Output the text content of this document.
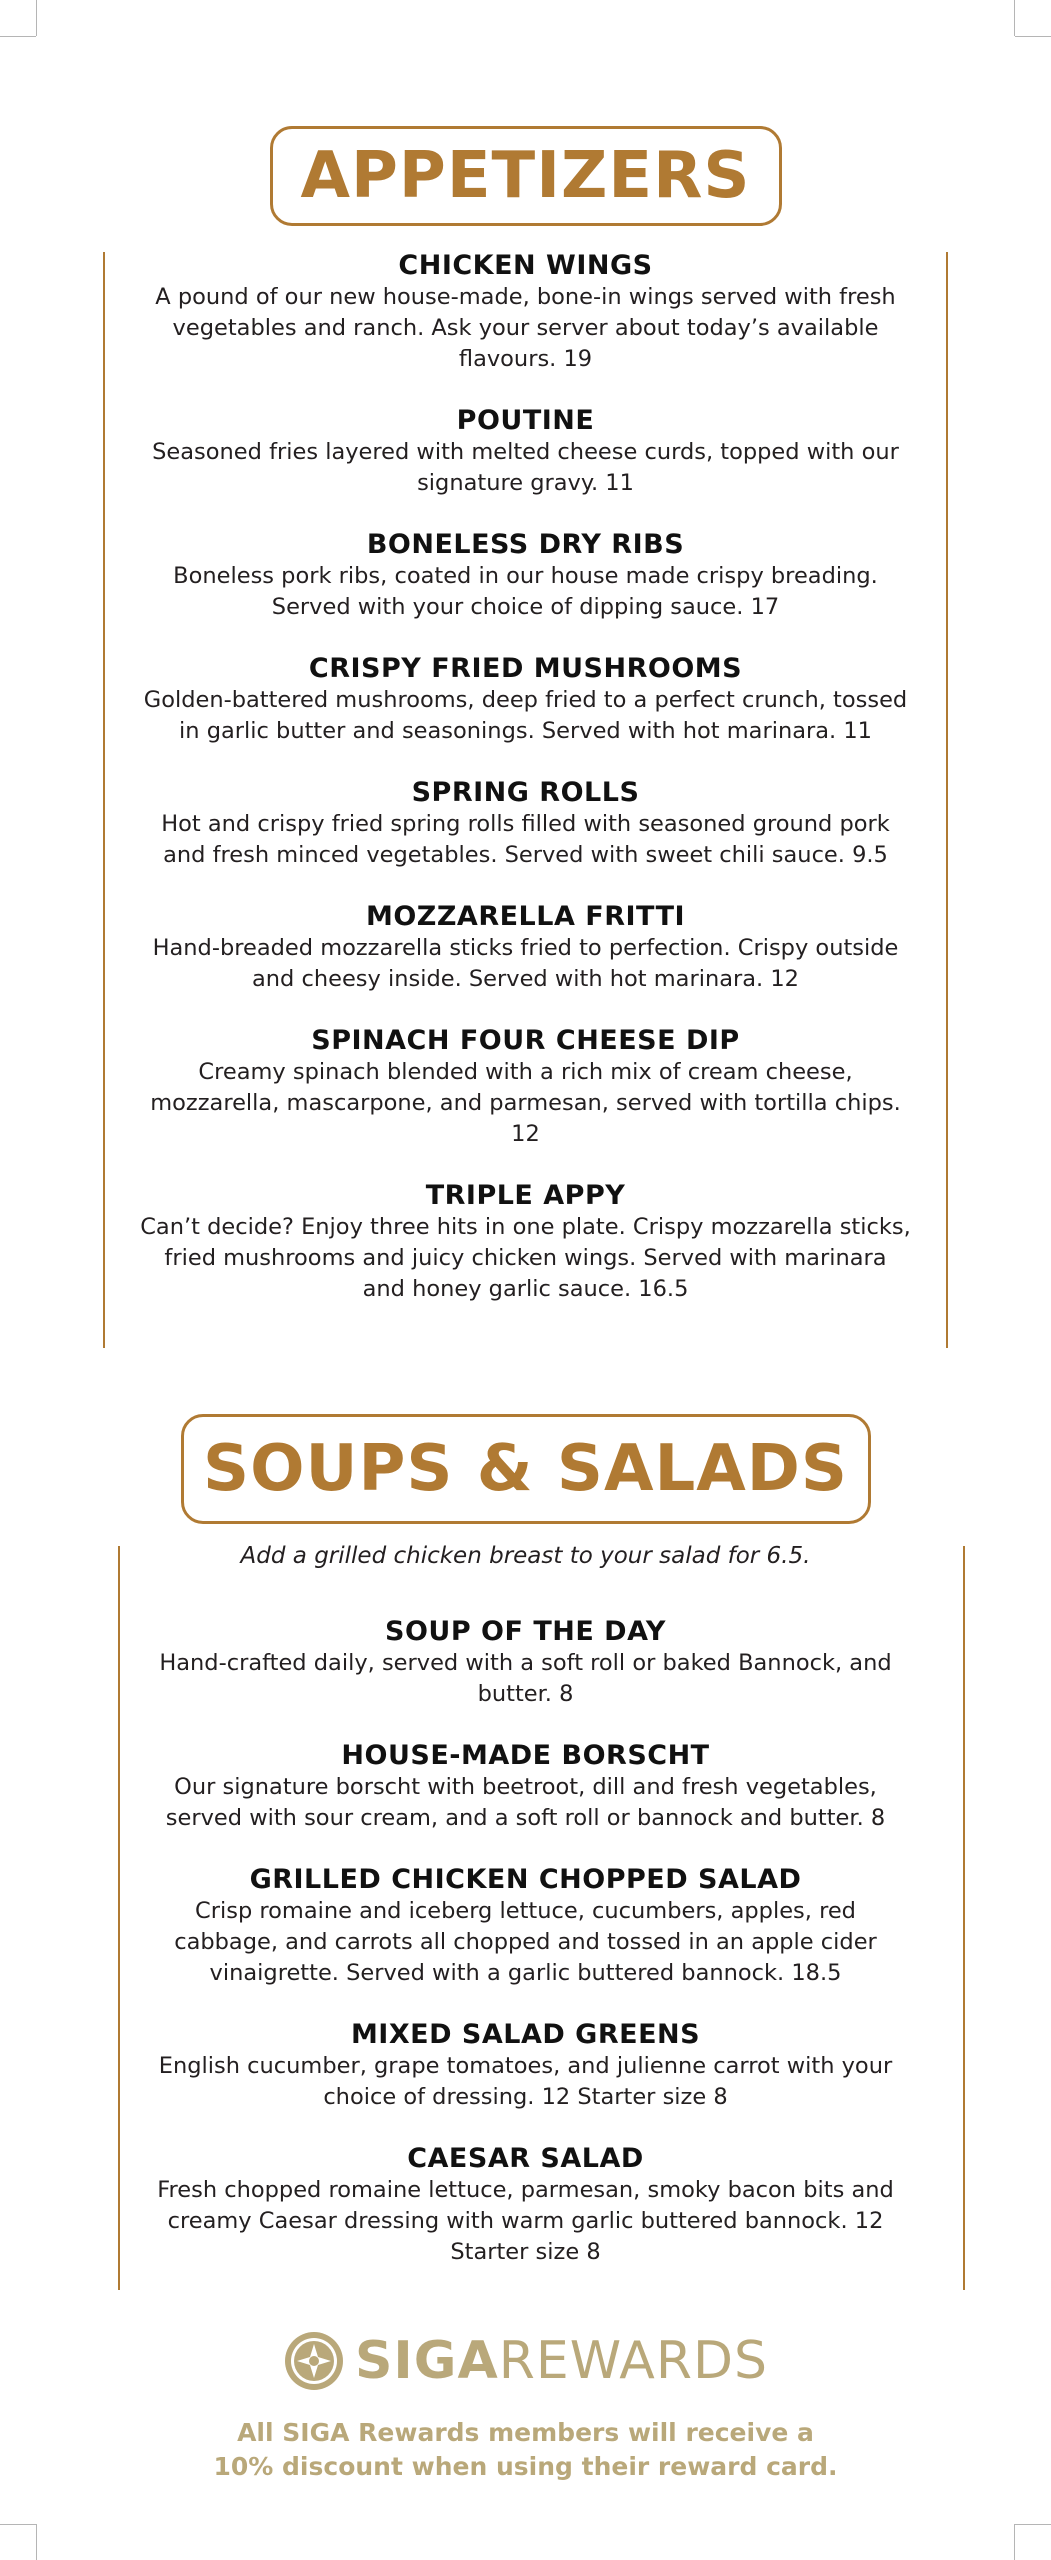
APPETIZERS
CHICKEN WINGS
A pound of our new house-made, bone-in wings served with fresh vegetables and ranch. Ask your server about today’s available flavours. 19
POUTINE
Seasoned fries layered with melted cheese curds, topped with our signature gravy. 11
BONELESS DRY RIBS
Boneless pork ribs, coated in our house made crispy breading. Served with your choice of dipping sauce. 17
CRISPY FRIED MUSHROOMS
Golden-battered mushrooms, deep fried to a perfect crunch, tossed in garlic butter and seasonings. Served with hot marinara. 11
SPRING ROLLS
Hot and crispy fried spring rolls filled with seasoned ground pork and fresh minced vegetables. Served with sweet chili sauce. 9.5
MOZZARELLA FRITTI
Hand-breaded mozzarella sticks fried to perfection. Crispy outside and cheesy inside. Served with hot marinara. 12
SPINACH FOUR CHEESE DIP
Creamy spinach blended with a rich mix of cream cheese, mozzarella, mascarpone, and parmesan, served with tortilla chips. 12
TRIPLE APPY
Can’t decide? Enjoy three hits in one plate. Crispy mozzarella sticks, fried mushrooms and juicy chicken wings. Served with marinara and honey garlic sauce. 16.5
SOUPS & SALADS
Add a grilled chicken breast to your salad for 6.5.
SOUP OF THE DAY
Hand-crafted daily, served with a soft roll or baked Bannock, and butter. 8
HOUSE-MADE BORSCHT
Our signature borscht with beetroot, dill and fresh vegetables, served with sour cream, and a soft roll or bannock and butter. 8
GRILLED CHICKEN CHOPPED SALAD
Crisp romaine and iceberg lettuce, cucumbers, apples, red cabbage, and carrots all chopped and tossed in an apple cider vinaigrette. Served with a garlic buttered bannock. 18.5
MIXED SALAD GREENS
English cucumber, grape tomatoes, and julienne carrot with your choice of dressing. 12 Starter size 8
CAESAR SALAD
Fresh chopped romaine lettuce, parmesan, smoky bacon bits and creamy Caesar dressing with warm garlic buttered bannock. 12 Starter size 8
SIGAREWARDS
All SIGA Rewards members will receive a
10% discount when using their reward card.
